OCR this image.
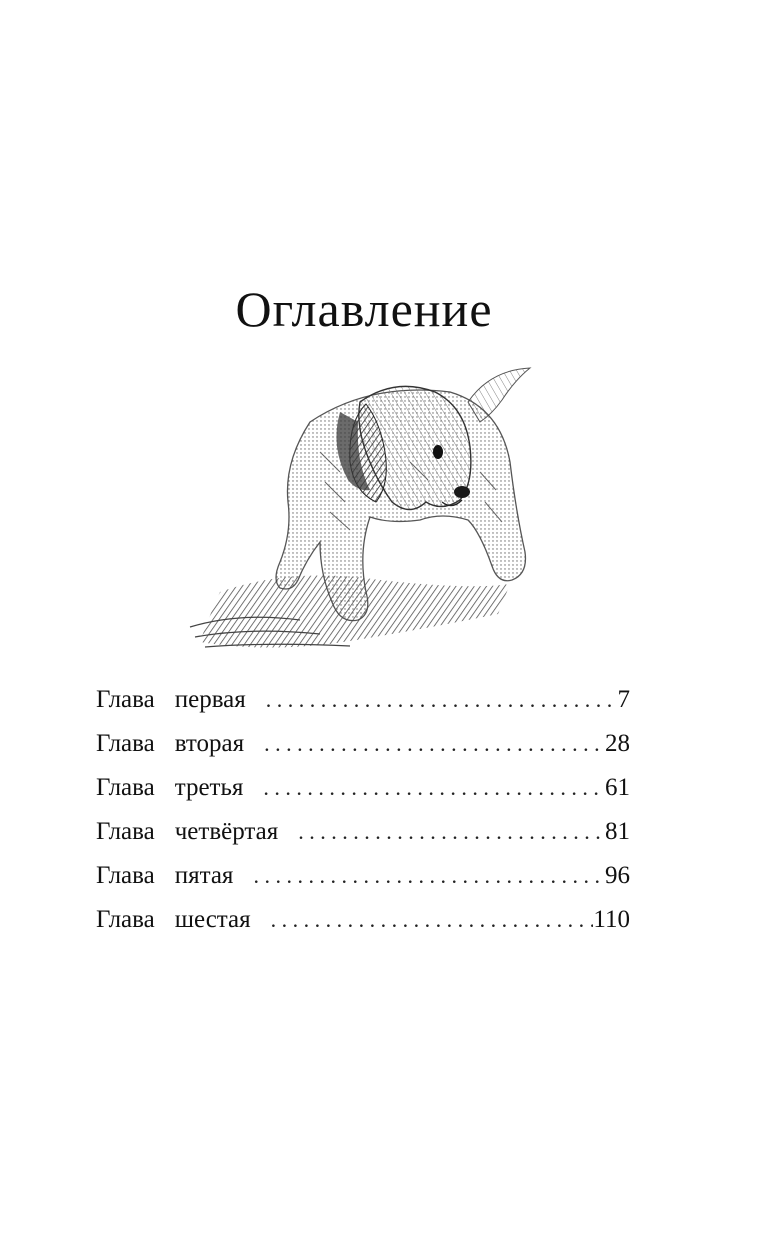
Оглавление
Глава первая . . .	7
Глава вторая . . .	28
Глава третья . . .	61
Глава четвёртая . . .	81
Глава пятая . . .	96
Глава шестая . . .	110
